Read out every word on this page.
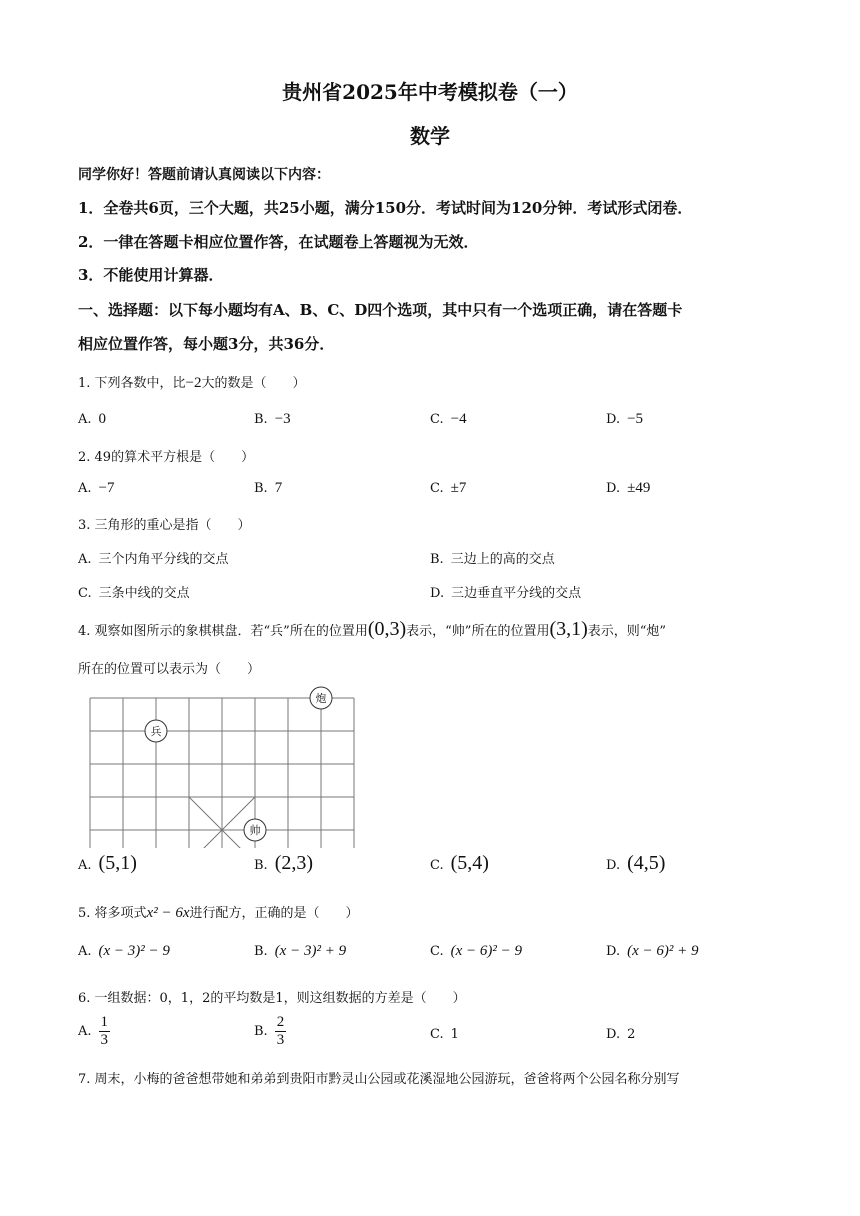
贵州省2025年中考模拟卷（一）
数学
同学你好！答题前请认真阅读以下内容：
1．全卷共6页，三个大题，共25小题，满分150分．考试时间为120分钟．考试形式闭卷．
2．一律在答题卡相应位置作答，在试题卷上答题视为无效．
3．不能使用计算器．
一、选择题：以下每小题均有A、B、C、D四个选项，其中只有一个选项正确，请在答题卡
相应位置作答，每小题3分，共36分．
1. 下列各数中，比−2大的数是（　　）
A. 0	B. −3	C. −4	D. −5
2. 49的算术平方根是（　　）
A. −7	B. 7	C. ±7	D. ±49
3. 三角形的重心是指（　　）
A. 三个内角平分线的交点	B. 三边上的高的交点
C. 三条中线的交点	D. 三边垂直平分线的交点
4. 观察如图所示的象棋棋盘．若“兵”所在的位置用(0,3)表示，“帅”所在的位置用(3,1)表示，则“炮”
所在的位置可以表示为（　　）
炮
兵
帅
A. (5,1)	B. (2,3)	C. (5,4)	D. (4,5)
5. 将多项式x² − 6x进行配方，正确的是（　　）
A. (x − 3)² − 9	B. (x − 3)² + 9	C. (x − 6)² − 9	D. (x − 6)² + 9
6. 一组数据：0，1，2的平均数是1，则这组数据的方差是（　　）
A. $\frac{1}{3}$	B. $\frac{2}{3}$	C. 1	D. 2
7. 周末，小梅的爸爸想带她和弟弟到贵阳市黔灵山公园或花溪湿地公园游玩，爸爸将两个公园名称分别写
